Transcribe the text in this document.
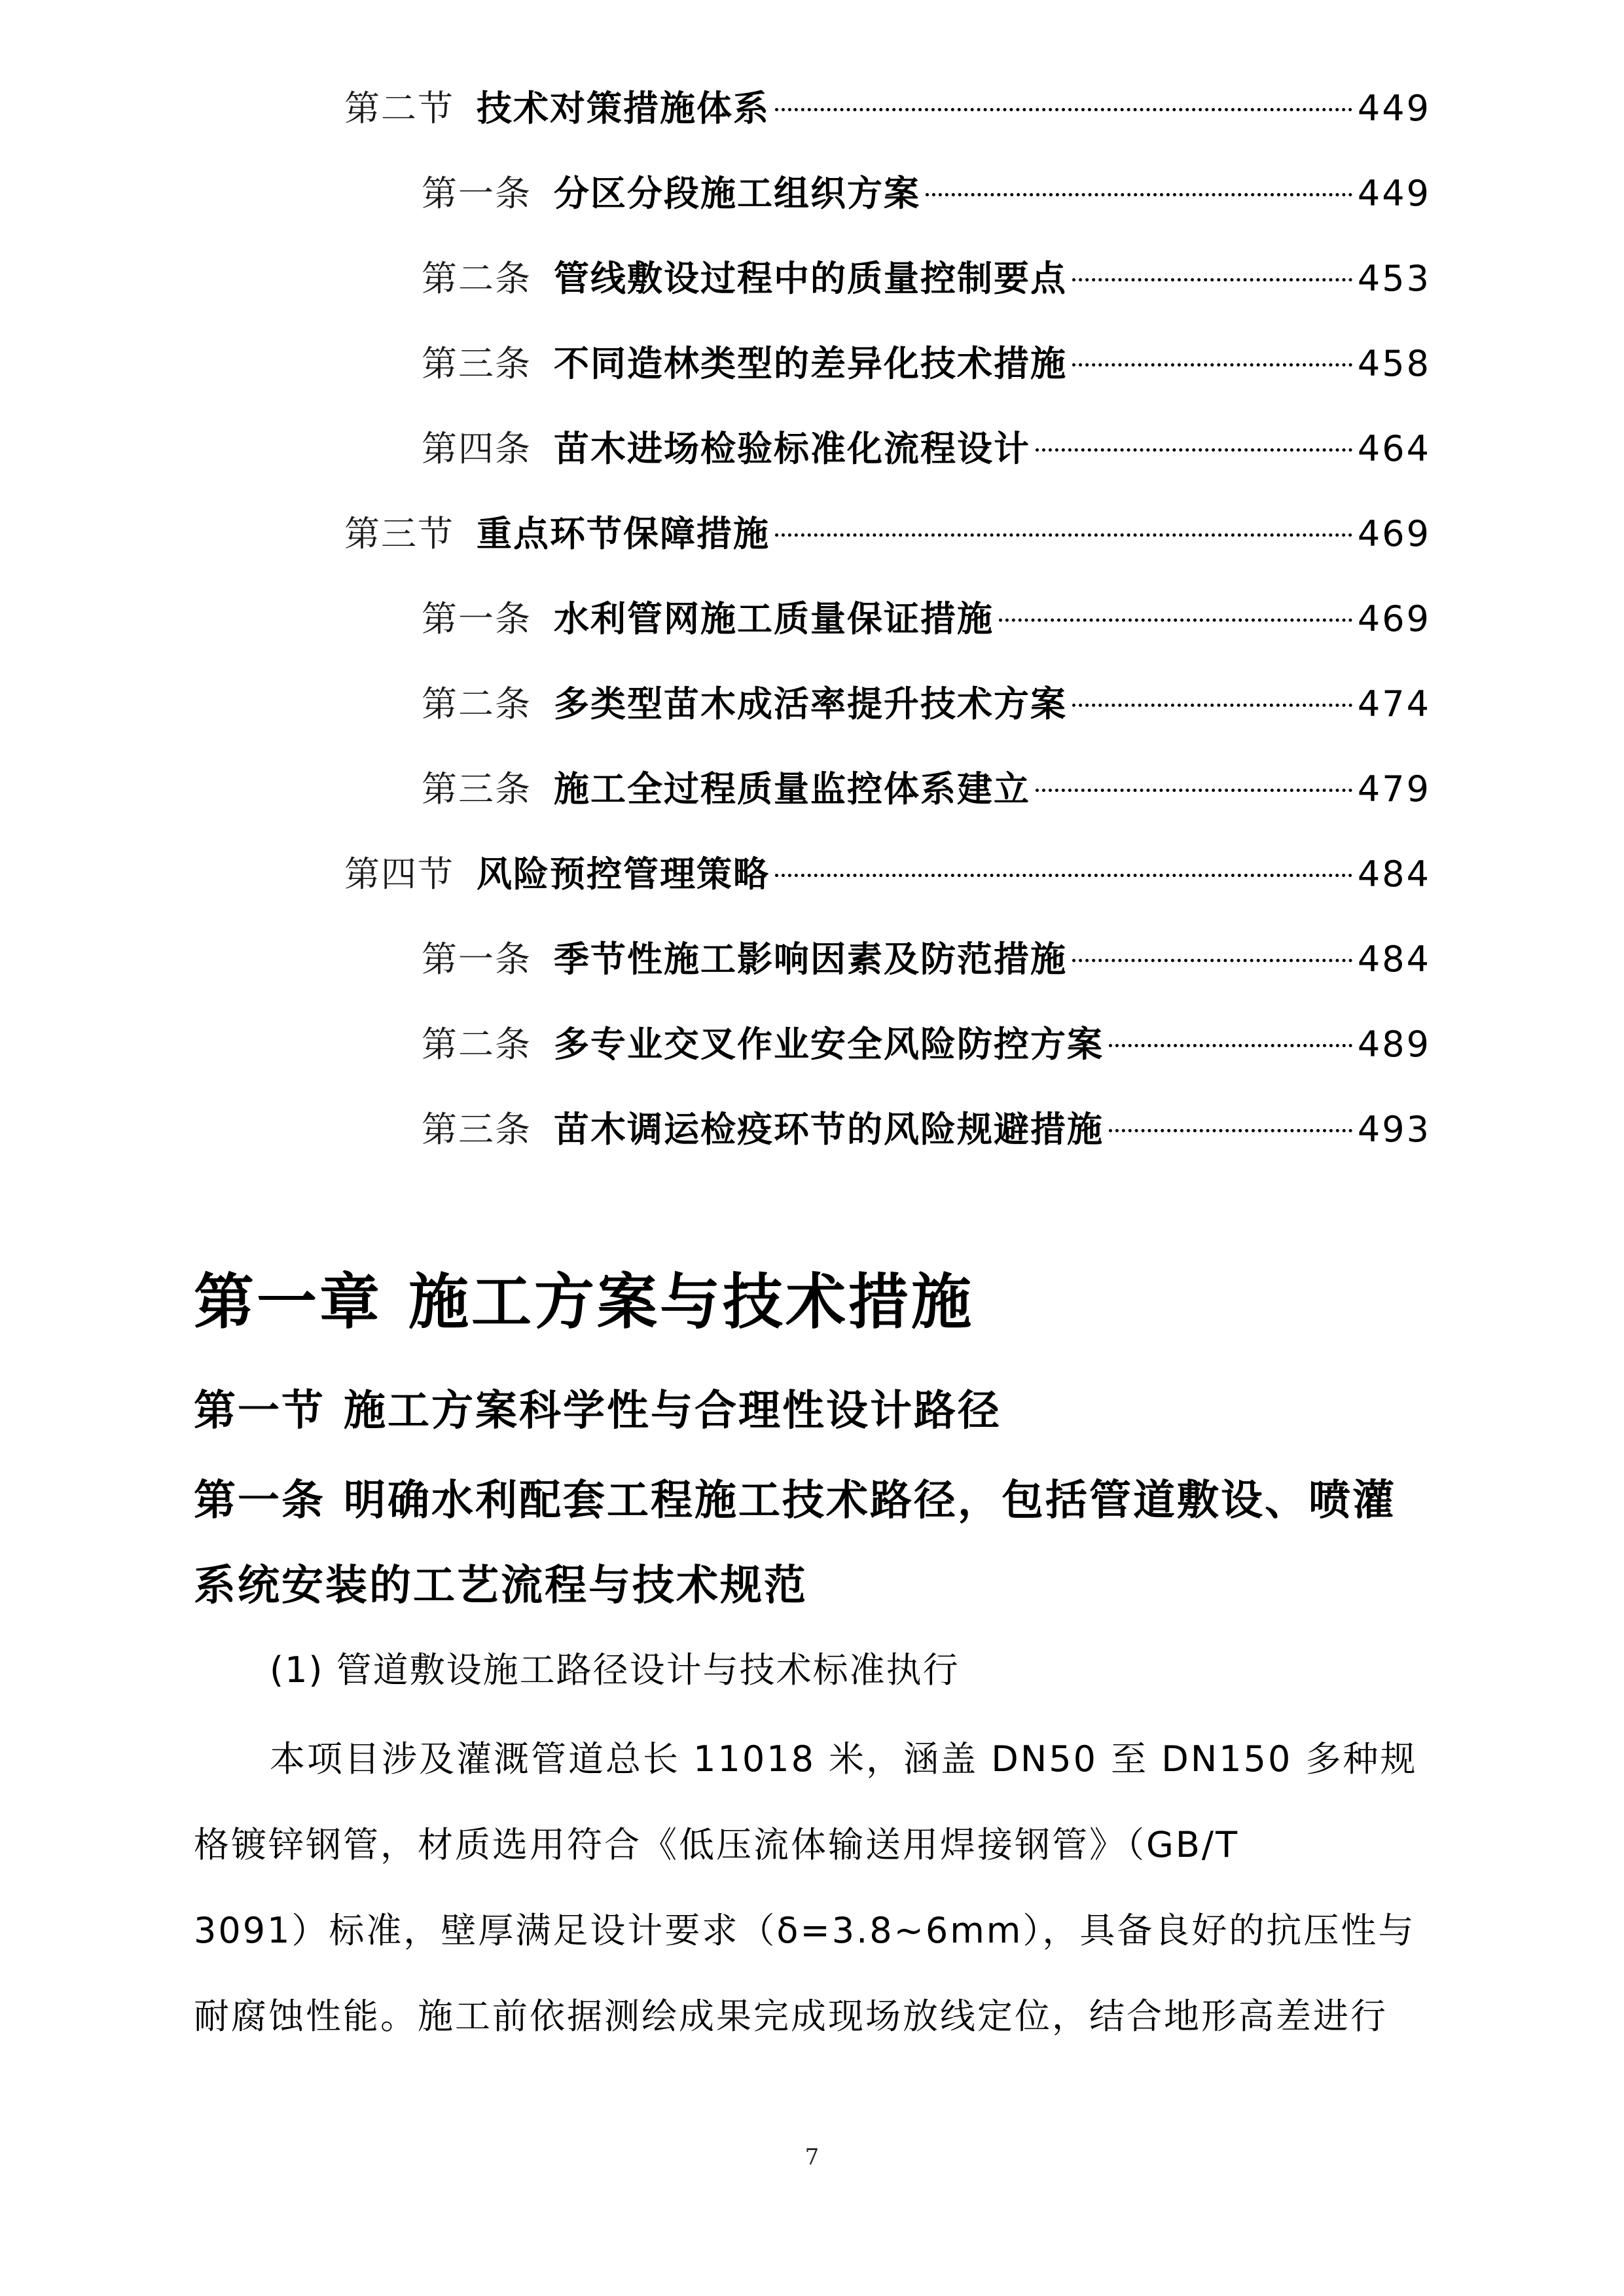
第二节 技术对策措施体系	449
第一条 分区分段施工组织方案	449
第二条 管线敷设过程中的质量控制要点	453
第三条 不同造林类型的差异化技术措施	458
第四条 苗木进场检验标准化流程设计	464
第三节 重点环节保障措施	469
第一条 水利管网施工质量保证措施	469
第二条 多类型苗木成活率提升技术方案	474
第三条 施工全过程质量监控体系建立	479
第四节 风险预控管理策略	484
第一条 季节性施工影响因素及防范措施	484
第二条 多专业交叉作业安全风险防控方案	489
第三条 苗木调运检疫环节的风险规避措施	493
第一章 施工方案与技术措施
第一节 施工方案科学性与合理性设计路径
第一条 明确水利配套工程施工技术路径，包括管道敷设、喷灌
系统安装的工艺流程与技术规范
(1) 管道敷设施工路径设计与技术标准执行
本项目涉及灌溉管道总长 11018 米，涵盖 DN50 至 DN150 多种规
格镀锌钢管，材质选用符合《低压流体输送用焊接钢管》（GB/T
3091）标准，壁厚满足设计要求（δ=3.8~6mm），具备良好的抗压性与
耐腐蚀性能。施工前依据测绘成果完成现场放线定位，结合地形高差进行
7
